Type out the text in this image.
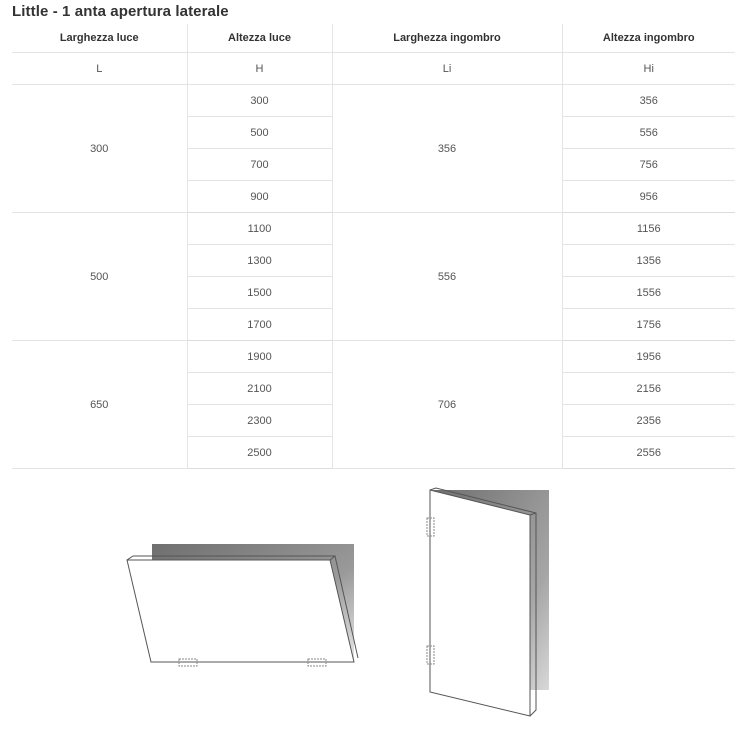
Little - 1 anta apertura laterale
Larghezza luce	Altezza luce	Larghezza ingombro	Altezza ingombro
L	H	Li	Hi
300	300	356	356
	500		556
	700		756
	900		956
500	1100	556	1156
	1300		1356
	1500		1556
	1700		1756
650	1900	706	1956
	2100		2156
	2300		2356
	2500		2556
